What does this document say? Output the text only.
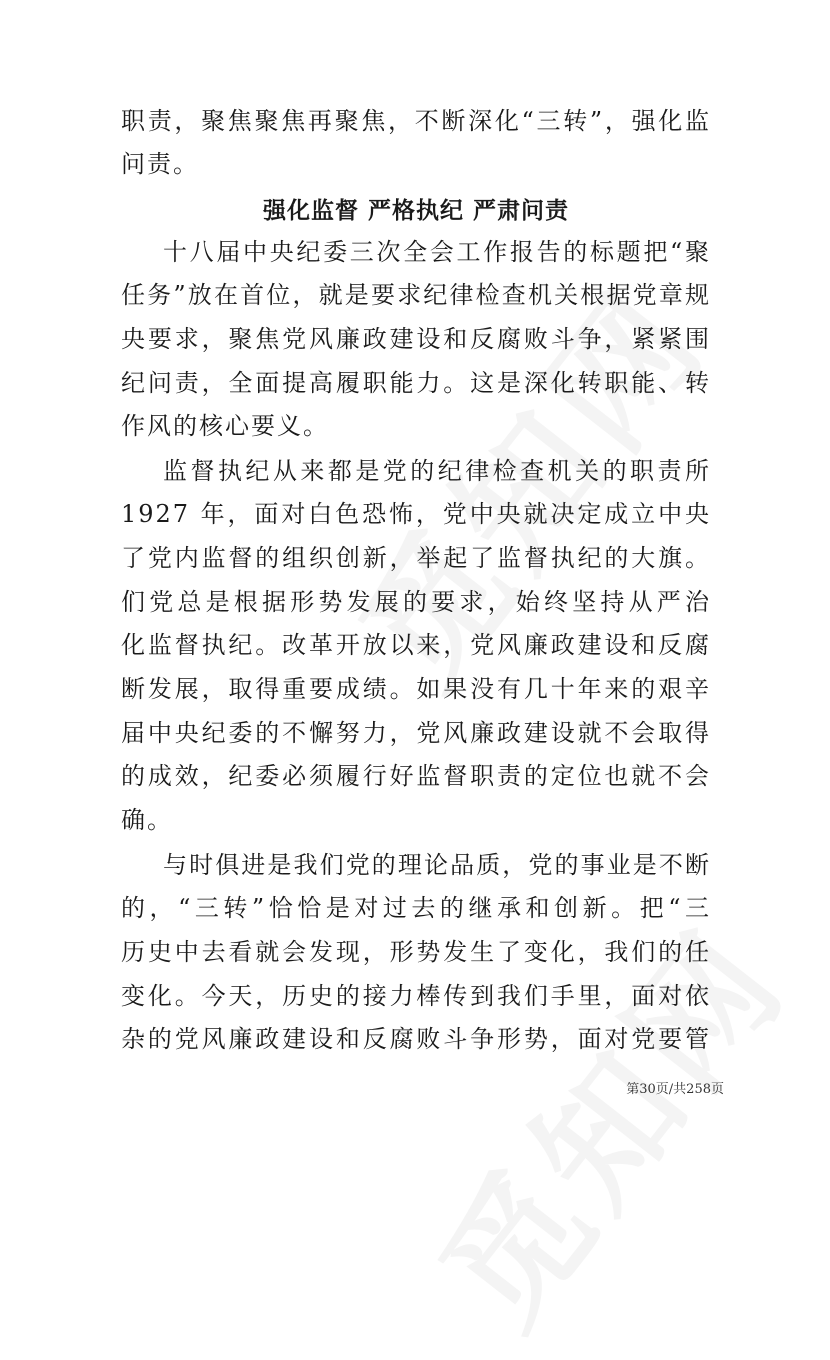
职责，聚焦聚焦再聚焦，不断深化“三转”，强化监
问责。
强化监督 严格执纪 严肃问责
十八届中央纪委三次全会工作报告的标题把“聚
任务”放在首位，就是要求纪律检查机关根据党章规
央要求，聚焦党风廉政建设和反腐败斗争，紧紧围
纪问责，全面提高履职能力。这是深化转职能、转
作风的核心要义。
监督执纪从来都是党的纪律检查机关的职责所
1927 年，面对白色恐怖，党中央就决定成立中央
了党内监督的组织创新，举起了监督执纪的大旗。
们党总是根据形势发展的要求，始终坚持从严治
化监督执纪。改革开放以来，党风廉政建设和反腐
断发展，取得重要成绩。如果没有几十年来的艰辛
届中央纪委的不懈努力，党风廉政建设就不会取得
的成效，纪委必须履行好监督职责的定位也就不会
确。
与时俱进是我们党的理论品质，党的事业是不断
的，“三转”恰恰是对过去的继承和创新。把“三
历史中去看就会发现，形势发生了变化，我们的任
变化。今天，历史的接力棒传到我们手里，面对依
杂的党风廉政建设和反腐败斗争形势，面对党要管
第30页/共258页
